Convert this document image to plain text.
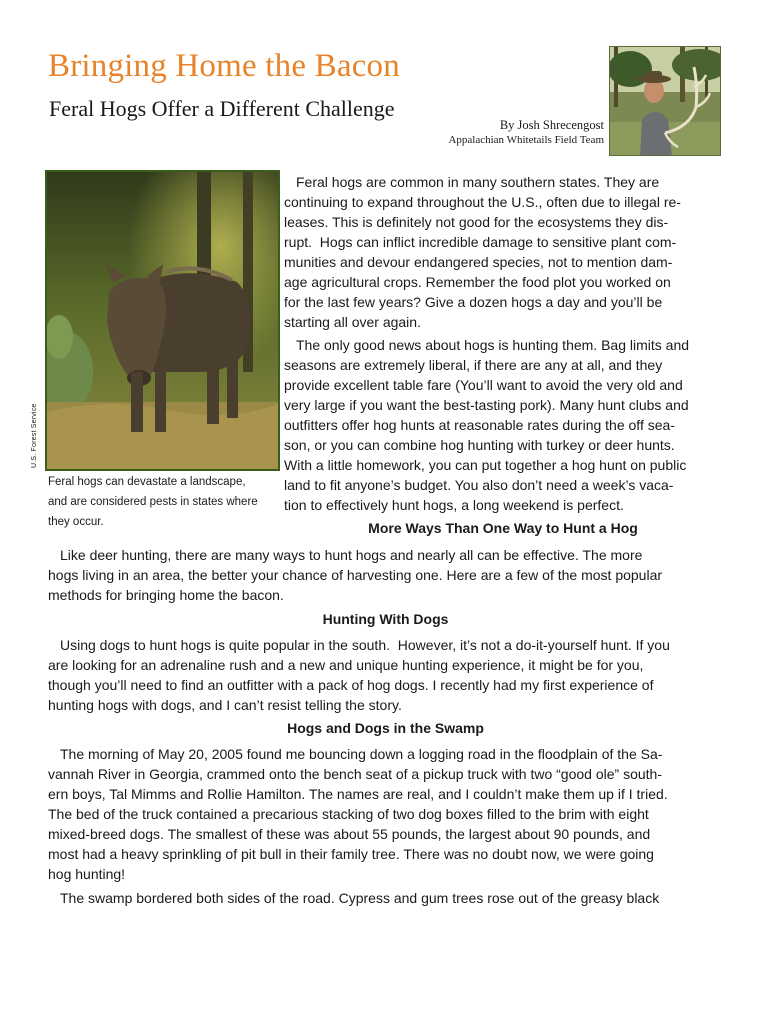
Bringing Home the Bacon
Feral Hogs Offer a Different Challenge
By Josh Shrecengost
Appalachian Whitetails Field Team
U.S. Forest Service
Feral hogs can devastate a landscape,
and are considered pests in states where
they occur.
Feral hogs are common in many southern states. They are
continuing to expand throughout the U.S., often due to illegal re-
leases. This is definitely not good for the ecosystems they dis-
rupt.  Hogs can inflict incredible damage to sensitive plant com-
munities and devour endangered species, not to mention dam-
age agricultural crops. Remember the food plot you worked on
for the last few years? Give a dozen hogs a day and you’ll be
starting all over again.
The only good news about hogs is hunting them. Bag limits and
seasons are extremely liberal, if there are any at all, and they
provide excellent table fare (You’ll want to avoid the very old and
very large if you want the best-tasting pork). Many hunt clubs and
outfitters offer hog hunts at reasonable rates during the off sea-
son, or you can combine hog hunting with turkey or deer hunts.
With a little homework, you can put together a hog hunt on public
land to fit anyone’s budget. You also don’t need a week’s vaca-
tion to effectively hunt hogs, a long weekend is perfect.
More Ways Than One Way to Hunt a Hog
Like deer hunting, there are many ways to hunt hogs and nearly all can be effective. The more
hogs living in an area, the better your chance of harvesting one. Here are a few of the most popular
methods for bringing home the bacon.
Hunting With Dogs
Using dogs to hunt hogs is quite popular in the south.  However, it’s not a do-it-yourself hunt. If you
are looking for an adrenaline rush and a new and unique hunting experience, it might be for you,
though you’ll need to find an outfitter with a pack of hog dogs. I recently had my first experience of
hunting hogs with dogs, and I can’t resist telling the story.
Hogs and Dogs in the Swamp
The morning of May 20, 2005 found me bouncing down a logging road in the floodplain of the Sa-
vannah River in Georgia, crammed onto the bench seat of a pickup truck with two “good ole” south-
ern boys, Tal Mimms and Rollie Hamilton. The names are real, and I couldn’t make them up if I tried.
The bed of the truck contained a precarious stacking of two dog boxes filled to the brim with eight
mixed-breed dogs. The smallest of these was about 55 pounds, the largest about 90 pounds, and
most had a heavy sprinkling of pit bull in their family tree. There was no doubt now, we were going
hog hunting!
The swamp bordered both sides of the road. Cypress and gum trees rose out of the greasy black
